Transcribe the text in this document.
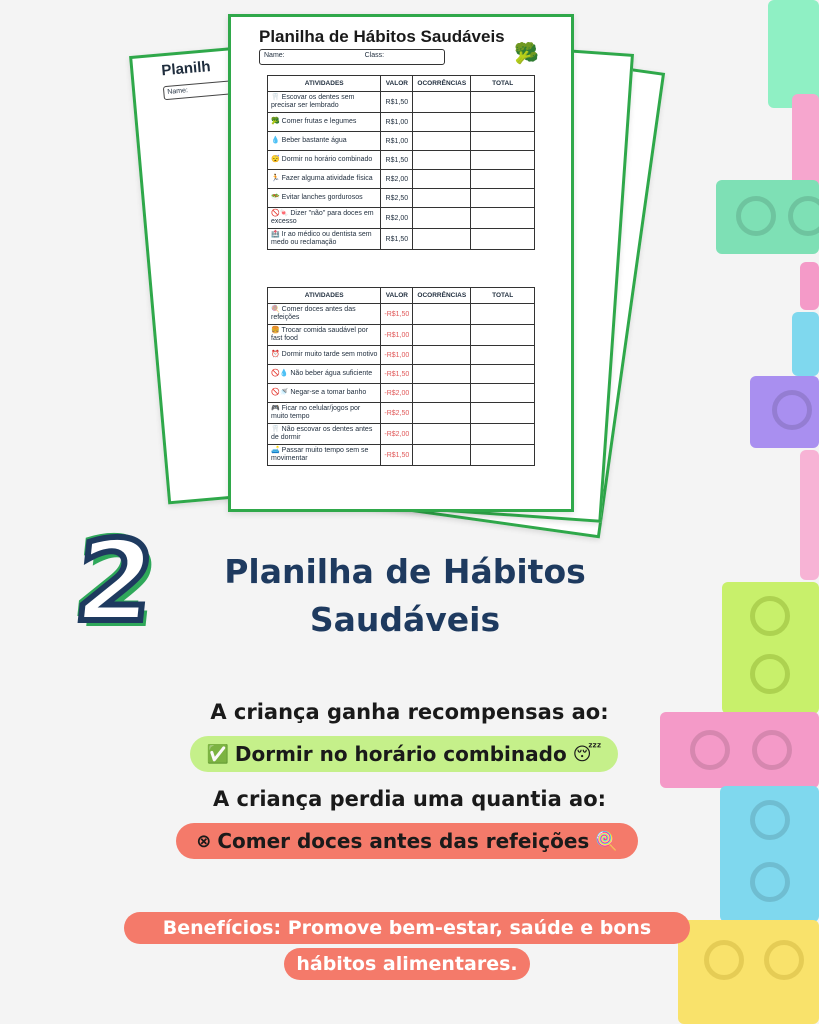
Planilh
Name:
Planilha de Hábitos Saudáveis
🥦
Name:	Class:
ATIVIDADES	VALOR	OCORRÊNCIAS	TOTAL
🦷 Escovar os dentes sem precisar ser lembrado	R$1,50		
🥦 Comer frutas e legumes	R$1,00		
💧 Beber bastante água	R$1,00		
😴 Dormir no horário combinado	R$1,50		
🏃 Fazer alguma atividade física	R$2,00		
🥗 Evitar lanches gordurosos	R$2,50		
🚫🍬 Dizer "não" para doces em excesso	R$2,00		
🏥 Ir ao médico ou dentista sem medo ou reclamação	R$1,50		
ATIVIDADES	VALOR	OCORRÊNCIAS	TOTAL
🍭 Comer doces antes das refeições	-R$1,50		
🍔 Trocar comida saudável por fast food	-R$1,00		
⏰ Dormir muito tarde sem motivo	-R$1,00		
🚫💧 Não beber água suficiente	-R$1,50		
🚫🚿 Negar-se a tomar banho	-R$2,00		
🎮 Ficar no celular/jogos por muito tempo	-R$2,50		
🦷 Não escovar os dentes antes de dormir	-R$2,00		
🛋️ Passar muito tempo sem se movimentar	-R$1,50		
2	Planilha de Hábitos
Saudáveis
A criança ganha recompensas ao:
✅ Dormir no horário combinado 😴
A criança perdia uma quantia ao:
⊗ Comer doces antes das refeições 🍭
Benefícios: Promove bem-estar, saúde e bons
hábitos alimentares.
